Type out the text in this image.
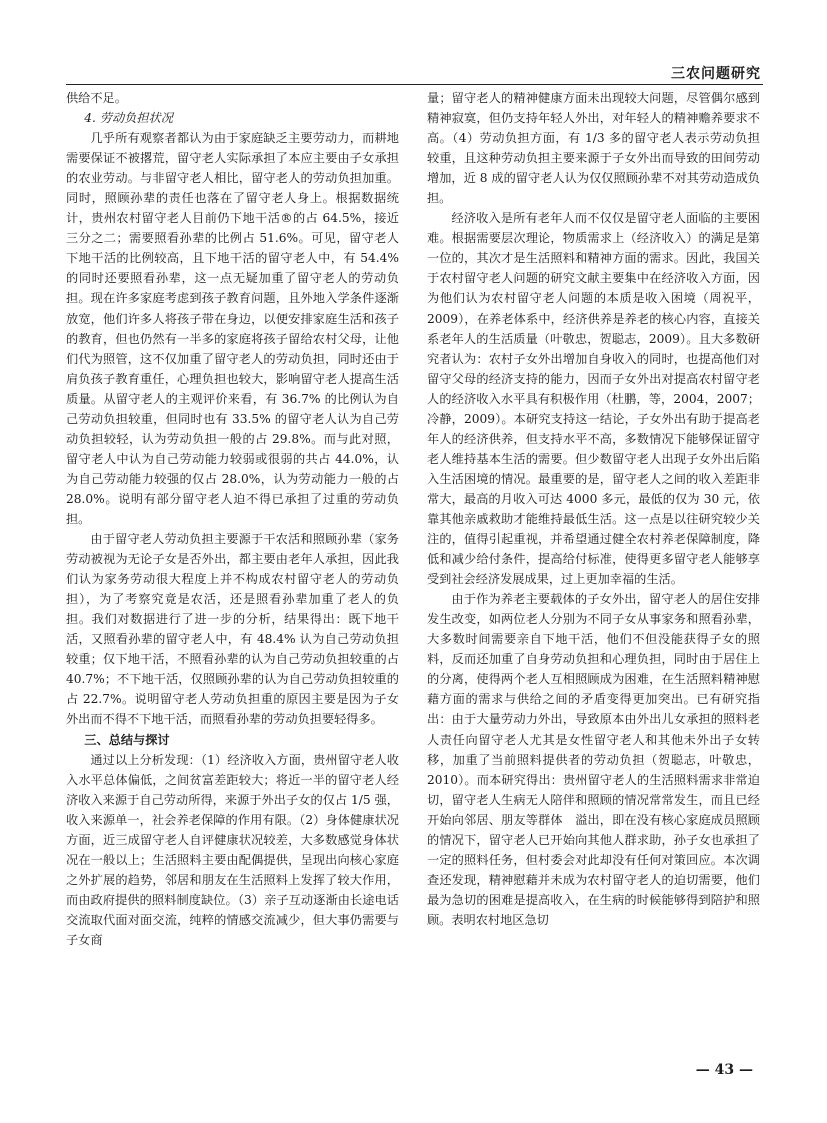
三农问题研究

供给不足。

4. 劳动负担状况

几乎所有观察者都认为由于家庭缺乏主要劳动力，而耕地需要保证不被撂荒，留守老人实际承担了本应主要由子女承担的农业劳动。与非留守老人相比，留守老人的劳动负担加重。同时，照顾孙辈的责任也落在了留守老人身上。根据数据统计，贵州农村留守老人目前仍下地干活®的占 64.5%，接近三分之二；需要照看孙辈的比例占 51.6%。可见，留守老人下地干活的比例较高，且下地干活的留守老人中，有 54.4% 的同时还要照看孙辈，这一点无疑加重了留守老人的劳动负担。现在许多家庭考虑到孩子教育问题，且外地入学条件逐渐放宽，他们许多人将孩子带在身边，以便安排家庭生活和孩子的教育，但也仍然有一半多的家庭将孩子留给农村父母，让他们代为照管，这不仅加重了留守老人的劳动负担，同时还由于肩负孩子教育重任，心理负担也较大，影响留守老人提高生活质量。从留守老人的主观评价来看，有 36.7% 的比例认为自己劳动负担较重，但同时也有 33.5% 的留守老人认为自己劳动负担较轻，认为劳动负担一般的占 29.8%。而与此对照，留守老人中认为自己劳动能力较弱或很弱的共占 44.0%，认为自己劳动能力较强的仅占 28.0%，认为劳动能力一般的占 28.0%。说明有部分留守老人迫不得已承担了过重的劳动负担。

由于留守老人劳动负担主要源于干农活和照顾孙辈（家务劳动被视为无论子女是否外出，都主要由老年人承担，因此我们认为家务劳动很大程度上并不构成农村留守老人的劳动负担），为了考察究竟是农活，还是照看孙辈加重了老人的负担。我们对数据进行了进一步的分析，结果得出：既下地干活，又照看孙辈的留守老人中，有 48.4% 认为自己劳动负担较重；仅下地干活，不照看孙辈的认为自己劳动负担较重的占 40.7%；不下地干活，仅照顾孙辈的认为自己劳动负担较重的占 22.7%。说明留守老人劳动负担重的原因主要是因为子女外出而不得不下地干活，而照看孙辈的劳动负担要轻得多。

三、总结与探讨

通过以上分析发现：（1）经济收入方面，贵州留守老人收入水平总体偏低，之间贫富差距较大；将近一半的留守老人经济收入来源于自己劳动所得，来源于外出子女的仅占 1/5 强，收入来源单一，社会养老保障的作用有限。（2）身体健康状况方面，近三成留守老人自评健康状况较差，大多数感觉身体状况在一般以上；生活照料主要由配偶提供，呈现出向核心家庭之外扩展的趋势，邻居和朋友在生活照料上发挥了较大作用，而由政府提供的照料制度缺位。（3）亲子互动逐渐由长途电话交流取代面对面交流，纯粹的情感交流减少，但大事仍需要与子女商

量；留守老人的精神健康方面未出现较大问题，尽管偶尔感到精神寂寞，但仍支持年轻人外出，对年轻人的精神赡养要求不高。（4）劳动负担方面，有 1/3 多的留守老人表示劳动负担较重，且这种劳动负担主要来源于子女外出而导致的田间劳动增加，近 8 成的留守老人认为仅仅照顾孙辈不对其劳动造成负担。

经济收入是所有老年人而不仅仅是留守老人面临的主要困难。根据需要层次理论，物质需求上（经济收入）的满足是第一位的，其次才是生活照料和精神方面的需求。因此，我国关于农村留守老人问题的研究文献主要集中在经济收入方面，因为他们认为农村留守老人问题的本质是收入困境（周祝平，2009），在养老体系中，经济供养是养老的核心内容，直接关系老年人的生活质量（叶敬忠，贺聪志，2009）。且大多数研究者认为：农村子女外出增加自身收入的同时，也提高他们对留守父母的经济支持的能力，因而子女外出对提高农村留守老人的经济收入水平具有积极作用（杜鹏，等，2004，2007；冷静，2009）。本研究支持这一结论，子女外出有助于提高老年人的经济供养，但支持水平不高，多数情况下能够保证留守老人维持基本生活的需要。但少数留守老人出现子女外出后陷入生活困境的情况。最重要的是，留守老人之间的收入差距非常大，最高的月收入可达 4000 多元，最低的仅为 30 元，依靠其他亲戚救助才能维持最低生活。这一点是以往研究较少关注的，值得引起重视，并希望通过健全农村养老保障制度，降低和减少给付条件，提高给付标准，使得更多留守老人能够享受到社会经济发展成果，过上更加幸福的生活。

由于作为养老主要载体的子女外出，留守老人的居住安排发生改变，如两位老人分别为不同子女从事家务和照看孙辈，大多数时间需要亲自下地干活，他们不但没能获得子女的照料，反而还加重了自身劳动负担和心理负担，同时由于居住上的分离，使得两个老人互相照顾成为困难，在生活照料精神慰藉方面的需求与供给之间的矛盾变得更加突出。已有研究指出：由于大量劳动力外出，导致原本由外出儿女承担的照料老人责任向留守老人尤其是女性留守老人和其他未外出子女转移，加重了当前照料提供者的劳动负担（贺聪志，叶敬忠，2010）。而本研究得出：贵州留守老人的生活照料需求非常迫切，留守老人生病无人陪伴和照顾的情况常常发生，而且已经开始向邻居、朋友等群体　溢出，即在没有核心家庭成员照顾的情况下，留守老人已开始向其他人群求助，孙子女也承担了一定的照料任务，但村委会对此却没有任何对策回应。本次调查还发现，精神慰藉并未成为农村留守老人的迫切需要，他们最为急切的困难是提高收入，在生病的时候能够得到陪护和照顾。表明农村地区急切

— 43 —
